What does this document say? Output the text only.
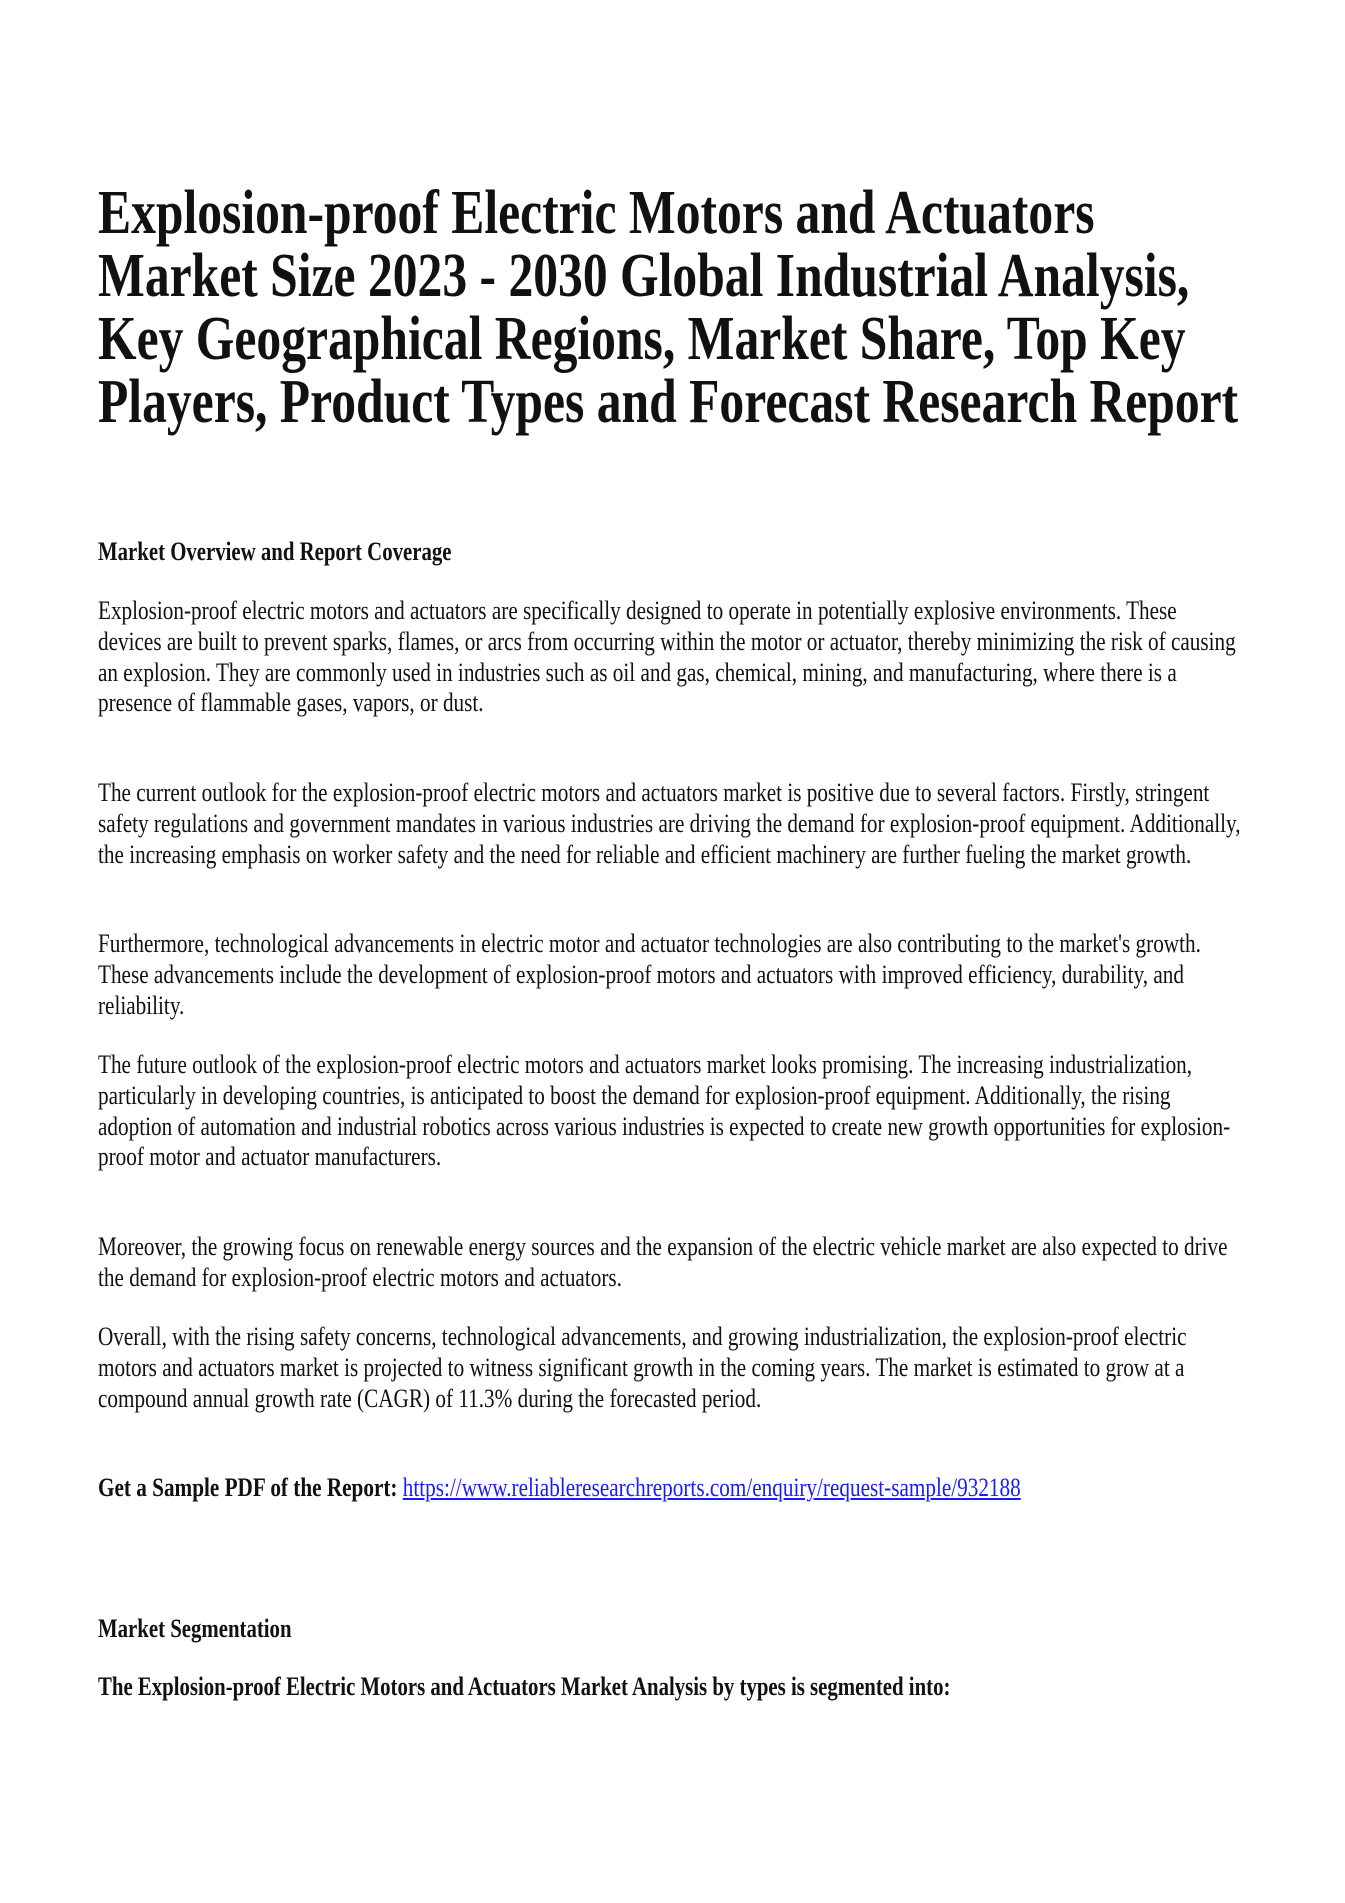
Explosion-proof Electric Motors and Actuators Market Size 2023 - 2030 Global Industrial Analysis, Key Geographical Regions, Market Share, Top Key Players, Product Types and Forecast Research Report
Market Overview and Report Coverage

Explosion-proof electric motors and actuators are specifically designed to operate in potentially explosive environments. These devices are built to prevent sparks, flames, or arcs from occurring within the motor or actuator, thereby minimizing the risk of causing an explosion. They are commonly used in industries such as oil and gas, chemical, mining, and manufacturing, where there is a presence of flammable gases, vapors, or dust.

The current outlook for the explosion-proof electric motors and actuators market is positive due to several factors. Firstly, stringent safety regulations and government mandates in various industries are driving the demand for explosion-proof equipment. Additionally, the increasing emphasis on worker safety and the need for reliable and efficient machinery are further fueling the market growth.

Furthermore, technological advancements in electric motor and actuator technologies are also contributing to the market's growth. These advancements include the development of explosion-proof motors and actuators with improved efficiency, durability, and reliability.

The future outlook of the explosion-proof electric motors and actuators market looks promising. The increasing industrialization, particularly in developing countries, is anticipated to boost the demand for explosion-proof equipment. Additionally, the rising adoption of automation and industrial robotics across various industries is expected to create new growth opportunities for explosion-proof motor and actuator manufacturers.

Moreover, the growing focus on renewable energy sources and the expansion of the electric vehicle market are also expected to drive the demand for explosion-proof electric motors and actuators.

Overall, with the rising safety concerns, technological advancements, and growing industrialization, the explosion-proof electric motors and actuators market is projected to witness significant growth in the coming years. The market is estimated to grow at a compound annual growth rate (CAGR) of 11.3% during the forecasted period.

Get a Sample PDF of the Report: https://www.reliableresearchreports.com/enquiry/request-sample/932188

Market Segmentation
The Explosion-proof Electric Motors and Actuators Market Analysis by types is segmented into:
